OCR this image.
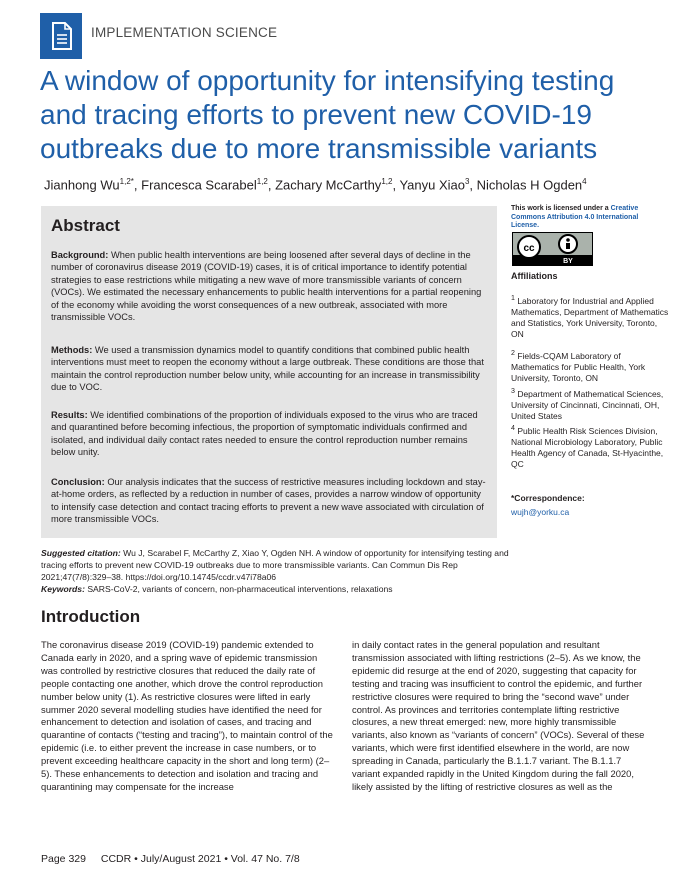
IMPLEMENTATION SCIENCE
A window of opportunity for intensifying testing and tracing efforts to prevent new COVID-19 outbreaks due to more transmissible variants
Jianhong $Wu^{1,2*}$, Francesca Scarabel$^{1,2}$, Zachary McCarthy$^{1,2}$, Yanyu Xiao$^3$, Nicholas H Ogden$^4$
Abstract
Background: When public health interventions are being loosened after several days of decline in the number of coronavirus disease 2019 (COVID-19) cases, it is of critical importance to identify potential strategies to ease restrictions while mitigating a new wave of more transmissible variants of concern (VOCs). We estimated the necessary enhancements to public health interventions for a partial reopening of the economy while avoiding the worst consequences of a new outbreak, associated with more transmissible VOCs.
Methods: We used a transmission dynamics model to quantify conditions that combined public health interventions must meet to reopen the economy without a large outbreak. These conditions are those that maintain the control reproduction number below unity, while accounting for an increase in transmissibility due to VOC.
Results: We identified combinations of the proportion of individuals exposed to the virus who are traced and quarantined before becoming infectious, the proportion of symptomatic individuals confirmed and isolated, and individual daily contact rates needed to ensure the control reproduction number remains below unity.
Conclusion: Our analysis indicates that the success of restrictive measures including lockdown and stay-at-home orders, as reflected by a reduction in number of cases, provides a narrow window of opportunity to intensify case detection and contact tracing efforts to prevent a new wave associated with circulation of more transmissible VOCs.
This work is licensed under a Creative Commons Attribution 4.0 International License.
cc
BY
Affiliations
$^1$ Laboratory for Industrial and Applied Mathematics, Department of Mathematics and Statistics, York University, Toronto, ON
$^2$ Fields-CQAM Laboratory of Mathematics for Public Health, York University, Toronto, ON
$^3$ Department of Mathematical Sciences, University of Cincinnati, Cincinnati, OH, United States
$^4$ Public Health Risk Sciences Division, National Microbiology Laboratory, Public Health Agency of Canada, St-Hyacinthe, QC
*Correspondence:
wujh@yorku.ca
Suggested citation: Wu J, Scarabel F, McCarthy Z, Xiao Y, Ogden NH. A window of opportunity for intensifying testing and tracing efforts to prevent new COVID-19 outbreaks due to more transmissible variants. Can Commun Dis Rep 2021;47(7/8):329–38. https://doi.org/10.14745/ccdr.v47i78a06
Keywords: SARS-CoV-2, variants of concern, non-pharmaceutical interventions, relaxations
Introduction
The coronavirus disease 2019 (COVID-19) pandemic extended to Canada early in 2020, and a spring wave of epidemic transmission was controlled by restrictive closures that reduced the daily rate of people contacting one another, which drove the control reproduction number below unity (1). As restrictive closures were lifted in early summer 2020 several modelling studies have identified the need for enhancement to detection and isolation of cases, and tracing and quarantine of contacts (“testing and tracing”), to maintain control of the epidemic (i.e. to either prevent the increase in case numbers, or to prevent exceeding healthcare capacity in the short and long term) (2–5). These enhancements to detection and isolation and tracing and quarantining may compensate for the increase
in daily contact rates in the general population and resultant transmission associated with lifting restrictions (2–5). As we know, the epidemic did resurge at the end of 2020, suggesting that capacity for testing and tracing was insufficient to control the epidemic, and further restrictive closures were required to bring the “second wave” under control. As provinces and territories contemplate lifting restrictive closures, a new threat emerged: new, more highly transmissible variants, also known as “variants of concern” (VOCs). Several of these variants, which were first identified elsewhere in the world, are now spreading in Canada, particularly the B.1.1.7 variant. The B.1.1.7 variant expanded rapidly in the United Kingdom during the fall 2020, likely assisted by the lifting of restrictive closures as well as the
Page 329 CCDR • July/August 2021 • Vol. 47 No. 7/8
